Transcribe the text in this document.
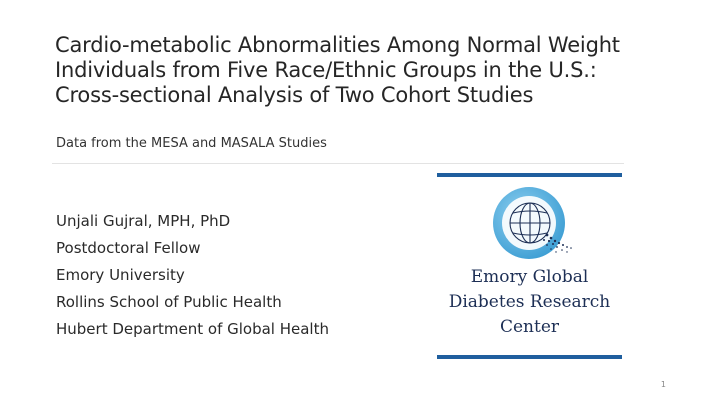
Cardio-metabolic Abnormalities Among Normal Weight Individuals from Five Race/Ethnic Groups in the U.S.: Cross-sectional Analysis of Two Cohort Studies

Data from the MESA and MASALA Studies

Unjali Gujral, MPH, PhD
Postdoctoral Fellow
Emory University
Rollins School of Public Health
Hubert Department of Global Health

Emory Global
Diabetes Research
Center

1
